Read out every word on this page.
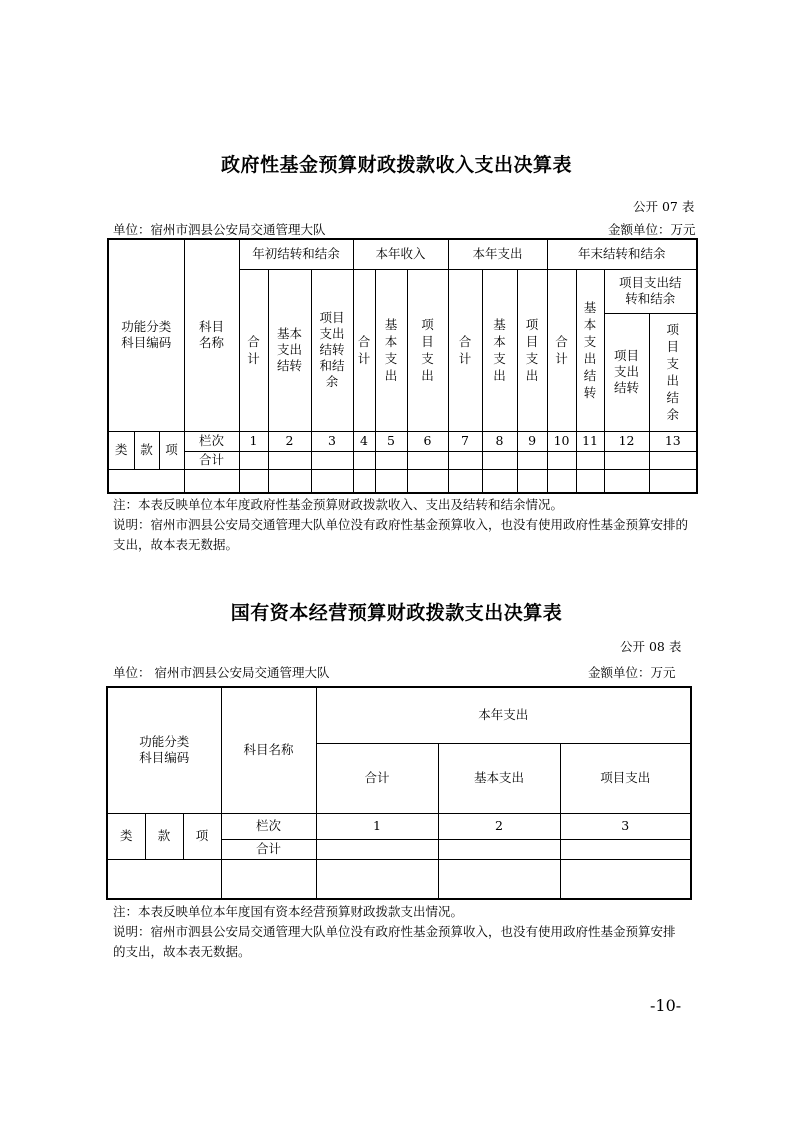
政府性基金预算财政拨款收入支出决算表
公开 07 表
单位：宿州市泗县公安局交通管理大队	金额单位：万元
功能分类科目编码			科目名称	年初结转和结余			本年收入			本年支出			年末结转和结余			
				合计	基本支出结转	项目支出结转和结余	合计	基本支出	项目支出	合计	基本支出	项目支出	合计	基本支出结转	项目支出结转和结余	
															项目支出结转	项目支出结余
类	款	项	栏次	1	2	3	4	5	6	7	8	9	10	11	12	13
			合计													

注：本表反映单位本年度政府性基金预算财政拨款收入、支出及结转和结余情况。
说明：宿州市泗县公安局交通管理大队单位没有政府性基金预算收入，也没有使用政府性基金预算安排的支出，故本表无数据。
国有资本经营预算财政拨款支出决算表
公开 08 表
单位： 宿州市泗县公安局交通管理大队	金额单位：万元
功能分类科目编码			科目名称	本年支出		
				合计	基本支出	项目支出
类	款	项	栏次	1	2	3
			合计			

注：本表反映单位本年度国有资本经营预算财政拨款支出情况。
说明：宿州市泗县公安局交通管理大队单位没有政府性基金预算收入，也没有使用政府性基金预算安排的支出，故本表无数据。
-10-
